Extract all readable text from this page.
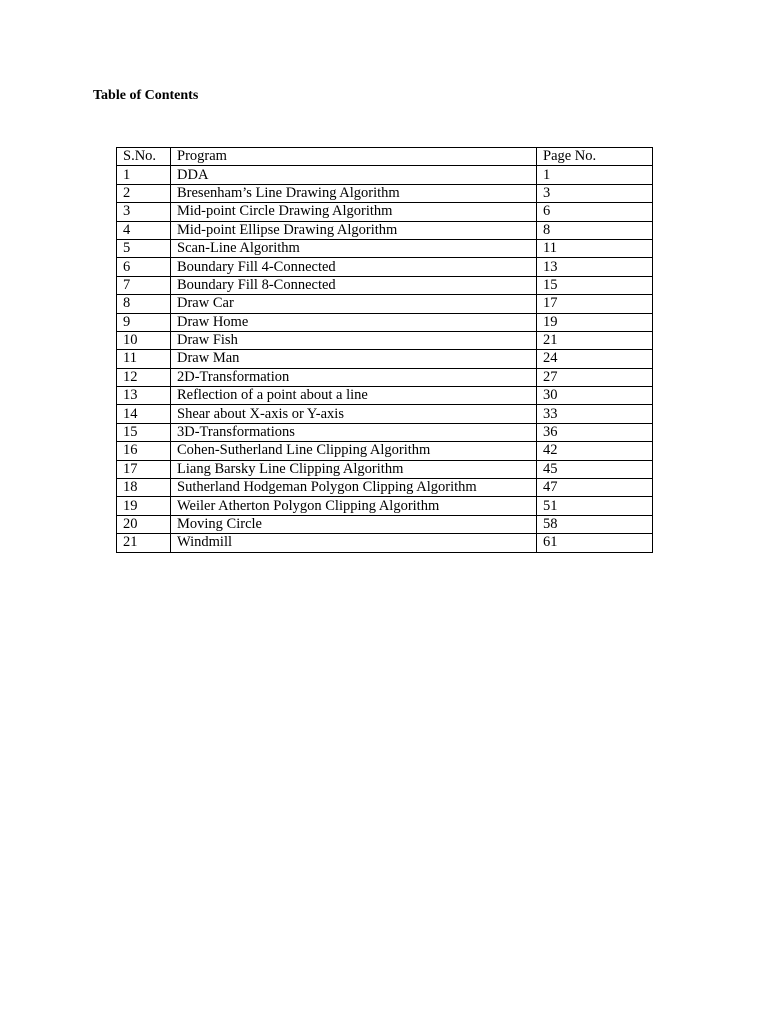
Table of Contents
S.No.	Program	Page No.
1	DDA	1
2	Bresenham’s Line Drawing Algorithm	3
3	Mid-point Circle Drawing Algorithm	6
4	Mid-point Ellipse Drawing Algorithm	8
5	Scan-Line Algorithm	11
6	Boundary Fill 4-Connected	13
7	Boundary Fill 8-Connected	15
8	Draw Car	17
9	Draw Home	19
10	Draw Fish	21
11	Draw Man	24
12	2D-Transformation	27
13	Reflection of a point about a line	30
14	Shear about X-axis or Y-axis	33
15	3D-Transformations	36
16	Cohen-Sutherland Line Clipping Algorithm	42
17	Liang Barsky Line Clipping Algorithm	45
18	Sutherland Hodgeman Polygon Clipping Algorithm	47
19	Weiler Atherton Polygon Clipping Algorithm	51
20	Moving Circle	58
21	Windmill	61
